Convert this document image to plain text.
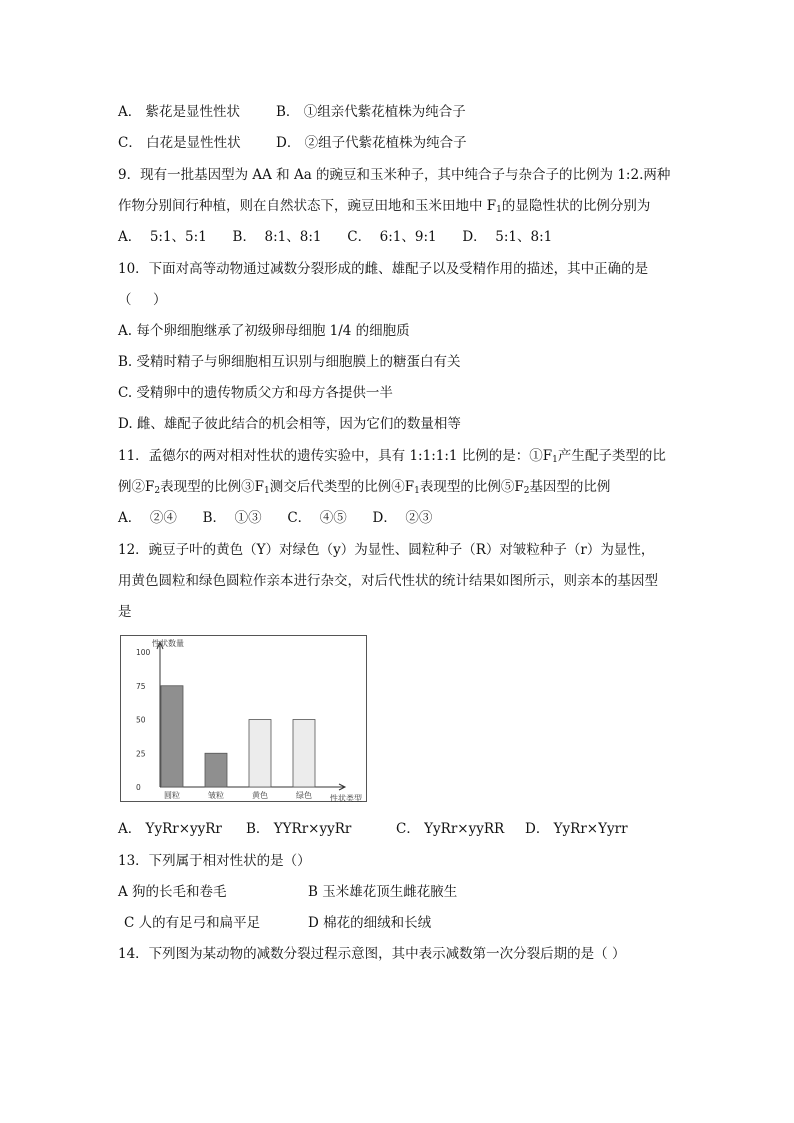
A． 紫花是显性性状	B． ①组亲代紫花植株为纯合子
C． 白花是显性性状	D． ②组子代紫花植株为纯合子
9．现有一批基因型为 AA 和 Aa 的豌豆和玉米种子，其中纯合子与杂合子的比例为 1:2.两种
作物分别间行种植，则在自然状态下，豌豆田地和玉米田地中 $F_1$的显隐性状的比例分别为
A．  5:1、5:1      B．  8:1、8:1      C．  6:1、9:1      D．  5:1、8:1
10．下面对高等动物通过减数分裂形成的雌、雄配子以及受精作用的描述，其中正确的是
（     ）
A. 每个卵细胞继承了初级卵母细胞 1/4 的细胞质
B. 受精时精子与卵细胞相互识别与细胞膜上的糖蛋白有关
C. 受精卵中的遗传物质父方和母方各提供一半
D. 雌、雄配子彼此结合的机会相等，因为它们的数量相等
11．孟德尔的两对相对性状的遗传实验中，具有 1:1:1:1 比例的是：$①F_1$产生配子类型的比
例$②F_2$表现型的比例$③F_1$测交后代类型的比例$④F_1$表现型的比例$⑤F_2$基因型的比例
A．  ②④      B．  ①③      C．  ④⑤      D．  ②③
12．豌豆子叶的黄色（Y）对绿色（y）为显性、圆粒种子（R）对皱粒种子（r）为显性，
用黄色圆粒和绿色圆粒作亲本进行杂交，对后代性状的统计结果如图所示，则亲本的基因型
是
0
25
50
75
100
性状数量
圆粒	皱粒	黄色	绿色 性状类型
A． YyRr×yyRr B． YYRr×yyRr	C． YyRr×yyRR D． YyRr×Yyrr
13．下列属于相对性状的是（）
A 狗的长毛和卷毛	B 玉米雄花顶生雌花腋生
C 人的有足弓和扁平足	D 棉花的细绒和长绒
14．下列图为某动物的减数分裂过程示意图，其中表示减数第一次分裂后期的是（ ）
